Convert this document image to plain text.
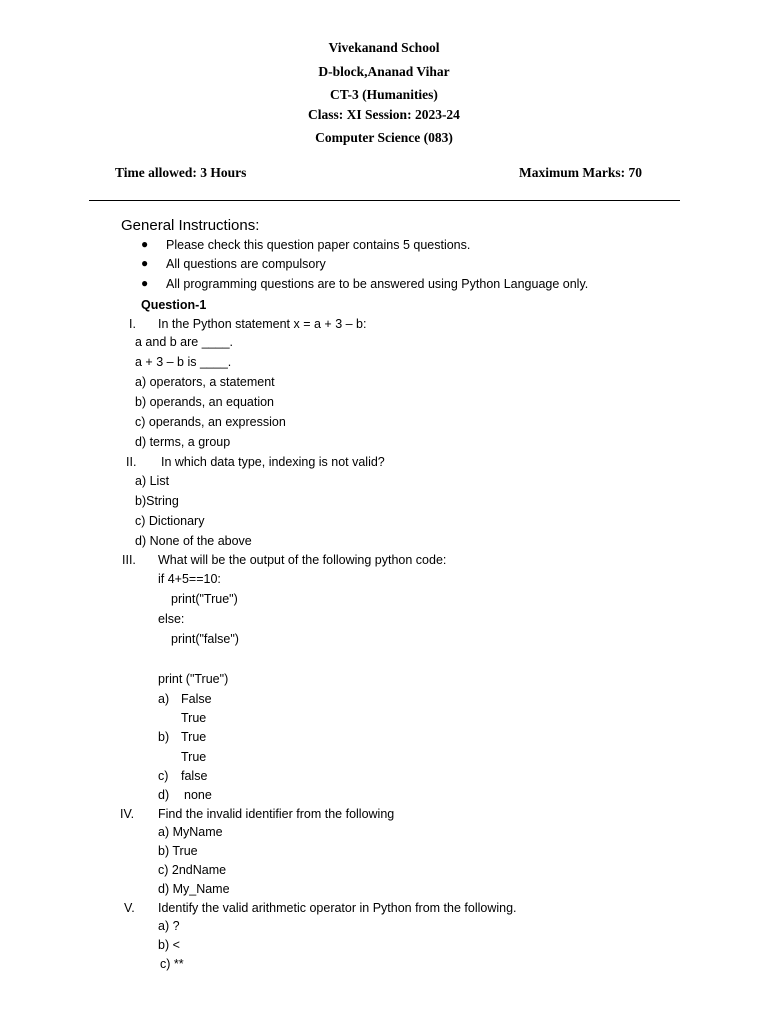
Vivekanand School
D-block,Ananad Vihar
CT-3 (Humanities)
Class: XI Session: 2023-24
Computer Science (083)
Time allowed: 3 Hours	Maximum Marks: 70
General Instructions:
● Please check this question paper contains 5 questions.
● All questions are compulsory
● All programming questions are to be answered using Python Language only.
Question-1
I. In the Python statement x = a + 3 – b:
a and b are ____.
a + 3 – b is ____.
a) operators, a statement
b) operands, an equation
c) operands, an expression
d) terms, a group
II. In which data type, indexing is not valid?
a) List
b)String
c) Dictionary
d) None of the above
III. What will be the output of the following python code:
if 4+5==10:
print("True")
else:
print("false")
print ("True")
a) False
True
b) True
True
c) false
d) none
IV. Find the invalid identifier from the following
a) MyName
b) True
c) 2ndName
d) My_Name
V. Identify the valid arithmetic operator in Python from the following.
a) ?
b) <
c) **
